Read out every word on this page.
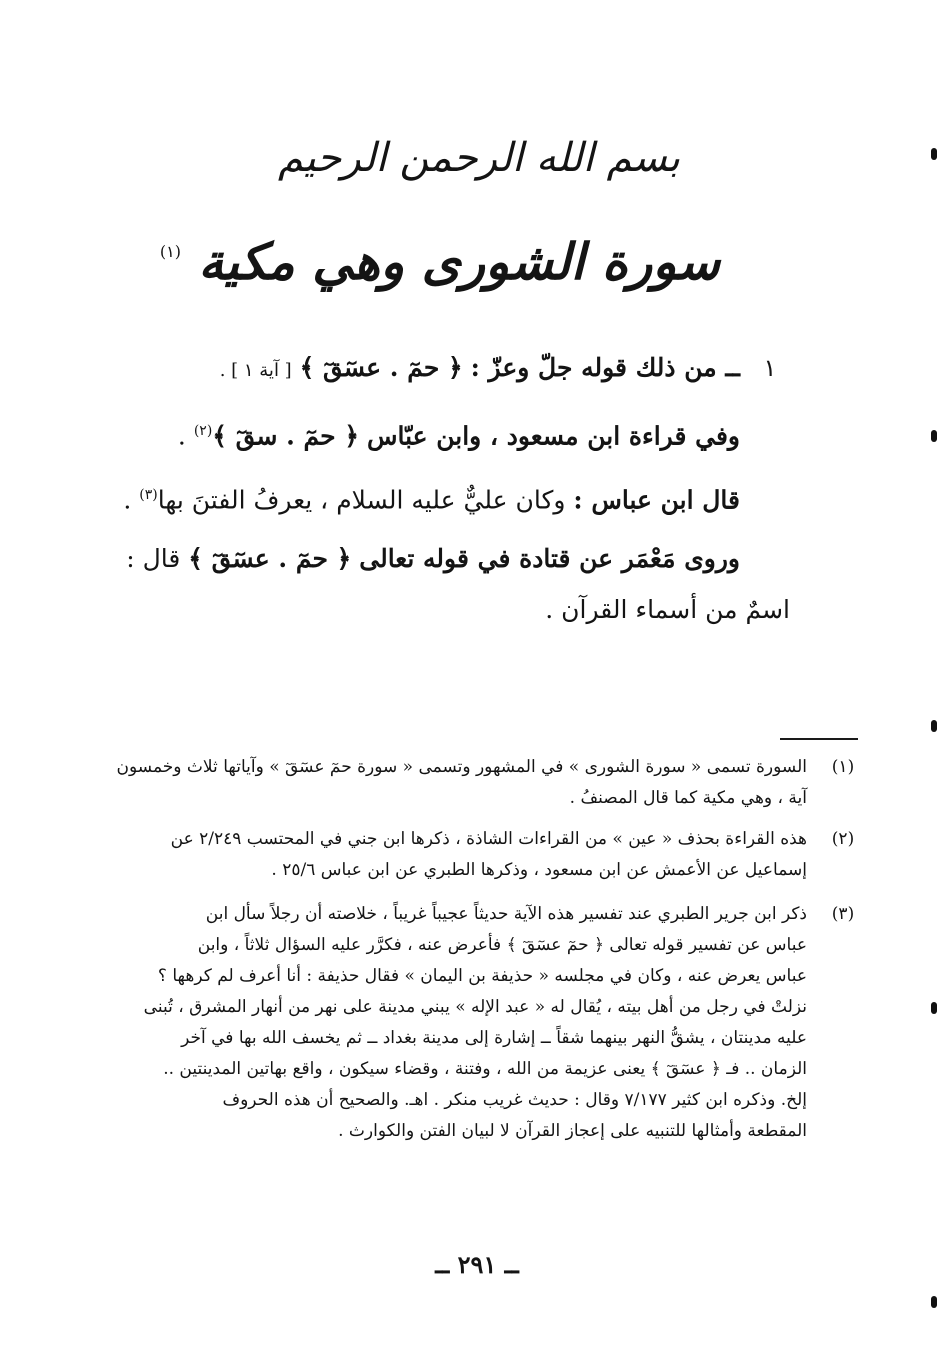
بسم الله الرحمن الرحيم
سورة الشورى وهي مكية $^{(١)}$
١
ــ من ذلك قوله جلّ وعزّ : ﴿ حمٓ . عسٓقٓ ﴾ [ آية ١ ] .
وفي قراءة ابن مسعود ، وابن عبّاس ﴿ حمٓ . سقٓ ﴾$^{(٢)}$ .
قال ابن عباس : وكان عليٌّ عليه السلام ، يعرفُ الفتنَ بها$^{(٣)}$ .
وروى مَعْمَر عن قتادة في قوله تعالى ﴿ حمٓ . عسٓقٓ ﴾ قال :
اسمٌ من أسماء القرآن .
(١)
السورة تسمى « سورة الشورى » في المشهور وتسمى « سورة حمٓ عسٓقٓ » وآياتها ثلاث وخمسون
آية ، وهي مكية كما قال المصنفُ .
(٢)
هذه القراءة بحذف « عين » من القراءات الشاذة ، ذكرها ابن جني في المحتسب ٢/٢٤٩ عن
إسماعيل عن الأعمش عن ابن مسعود ، وذكرها الطبري عن ابن عباس ٢٥/٦ .
(٣)
ذكر ابن جرير الطبري عند تفسير هذه الآية حديثاً عجيباً غريباً ، خلاصته أن رجلاً سأل ابن
عباس عن تفسير قوله تعالى ﴿ حمٓ عسٓقٓ ﴾ فأعرض عنه ، فكرَّر عليه السؤال ثلاثاً ، وابن
عباس يعرض عنه ، وكان في مجلسه « حذيفة بن اليمان » فقال حذيفة : أنا أعرف لم كرهها ؟
نزلتْ في رجل من أهل بيته ، يُقال له « عبد الإله » يبني مدينة على نهر من أنهار المشرق ، تُبنى
عليه مدينتان ، يشقُّ النهر بينهما شقاً ــ إشارة إلى مدينة بغداد ــ ثم يخسف الله بها في آخر
الزمان .. فـ ﴿ عسٓقٓ ﴾ يعنى عزيمة من الله ، وفتنة ، وقضاء سيكون ، واقع بهاتين المدينتين ..
إلخ. وذكره ابن كثير ٧/١٧٧ وقال : حديث غريب منكر . اهـ. والصحيح أن هذه الحروف
المقطعة وأمثالها للتنبيه على إعجاز القرآن لا لبيان الفتن والكوارث .
ــ ٢٩١ ــ
